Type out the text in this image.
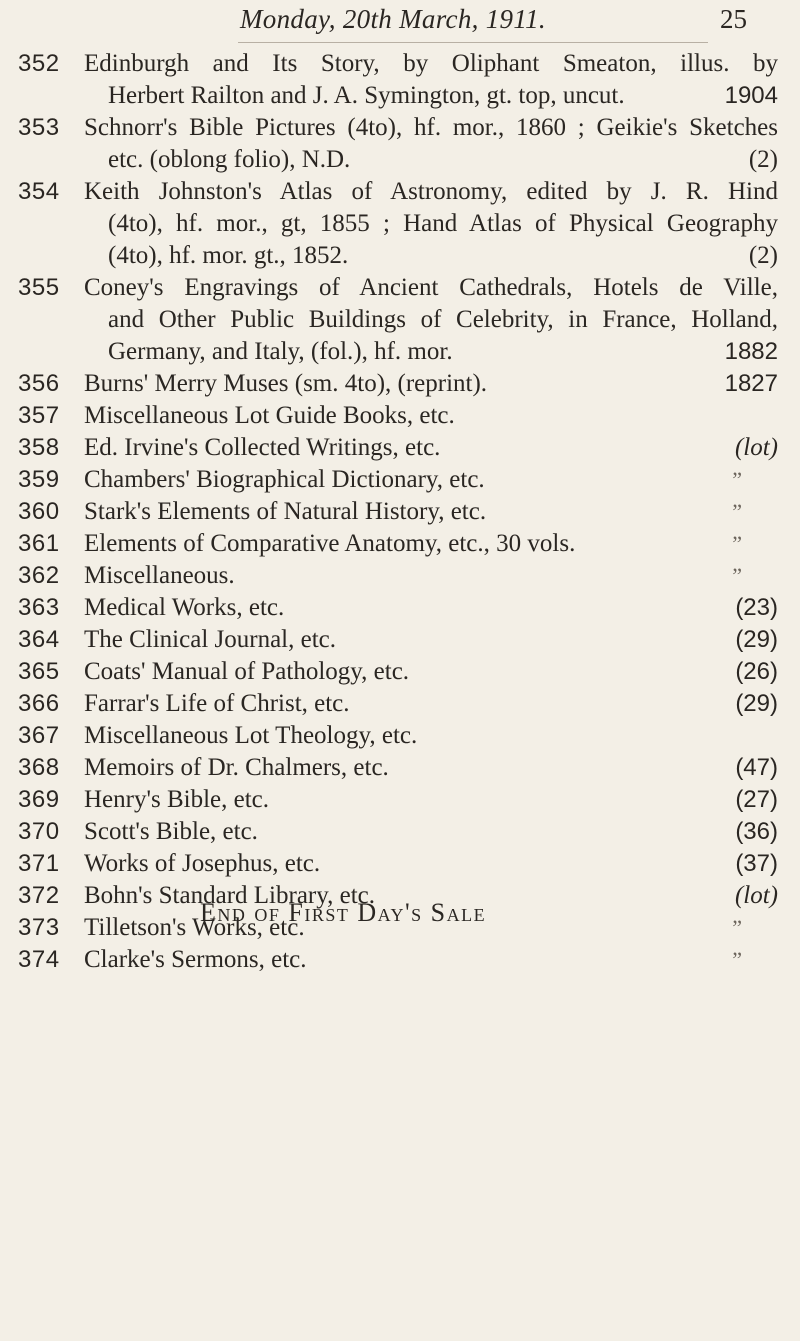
Monday, 20th March, 1911.	25
352 Edinburgh and Its Story, by Oliphant Smeaton, illus. by
Herbert Railton and J. A. Symington, gt. top, uncut.	1904
353 Schnorr's Bible Pictures (4to), hf. mor., 1860 ; Geikie's Sketches
etc. (oblong folio), N.D.	(2)
354 Keith Johnston's Atlas of Astronomy, edited by J. R. Hind
(4to), hf. mor., gt, 1855 ; Hand Atlas of Physical Geography
(4to), hf. mor. gt., 1852.	(2)
355 Coney's Engravings of Ancient Cathedrals, Hotels de Ville,
and Other Public Buildings of Celebrity, in France, Holland,
Germany, and Italy, (fol.), hf. mor.	1882
356 Burns' Merry Muses (sm. 4to), (reprint).	1827
357 Miscellaneous Lot Guide Books, etc.
358 Ed. Irvine's Collected Writings, etc.	(lot)
359 Chambers' Biographical Dictionary, etc.	”
360 Stark's Elements of Natural History, etc.	”
361 Elements of Comparative Anatomy, etc., 30 vols.	”
362 Miscellaneous.	”
363 Medical Works, etc.	(23)
364 The Clinical Journal, etc.	(29)
365 Coats' Manual of Pathology, etc.	(26)
366 Farrar's Life of Christ, etc.	(29)
367 Miscellaneous Lot Theology, etc.
368 Memoirs of Dr. Chalmers, etc.	(47)
369 Henry's Bible, etc.	(27)
370 Scott's Bible, etc.	(36)
371 Works of Josephus, etc.	(37)
372 Bohn's Standard Library, etc.	(lot)
373 Tilletson's Works, etc.	”
374 Clarke's Sermons, etc.	”
End of First Day's Sale
